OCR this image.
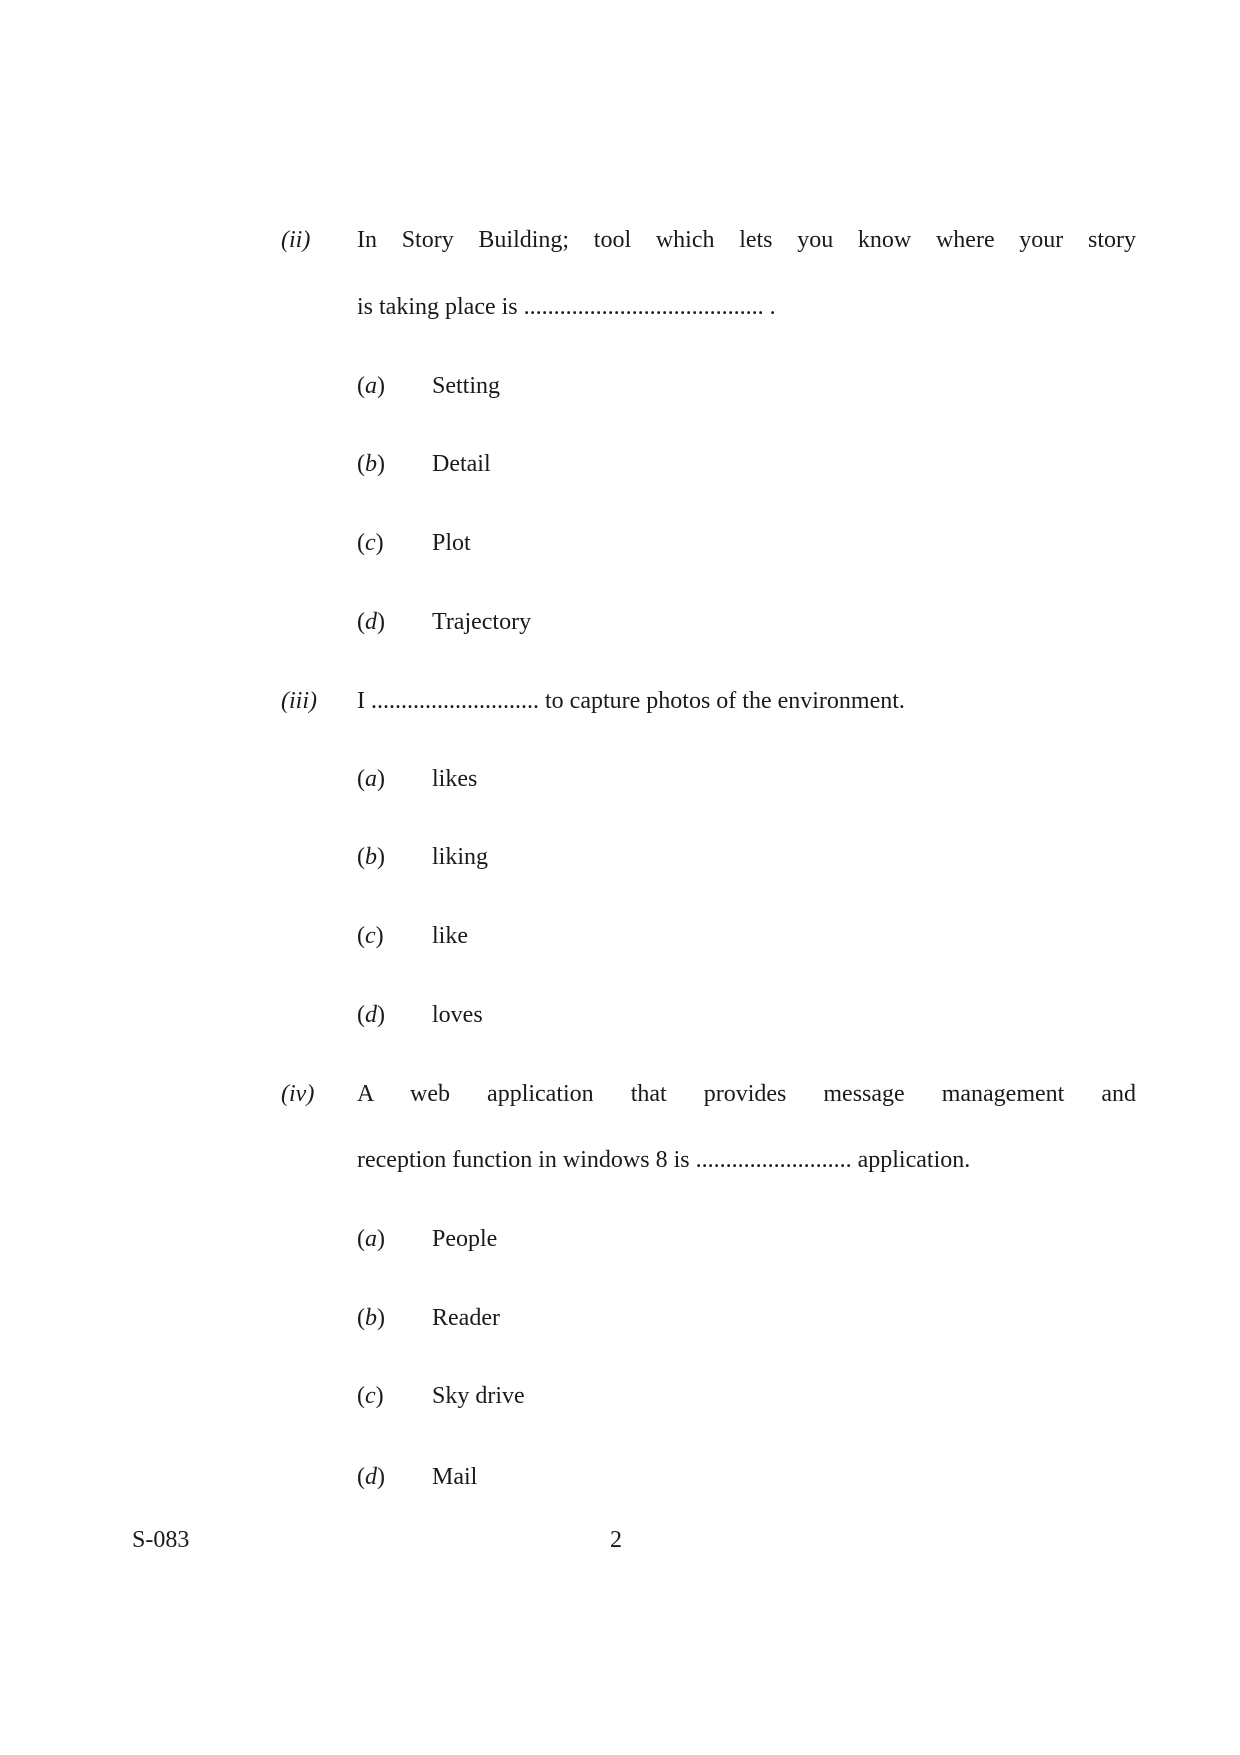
(ii) In Story Building; tool which lets you know where your story
is taking place is ........................................ .
(a) Setting
(b) Detail
(c) Plot
(d) Trajectory
(iii) I ............................ to capture photos of the environment.
(a) likes
(b) liking
(c) like
(d) loves
(iv) A web application that provides message management and
reception function in windows 8 is .......................... application.
(a) People
(b) Reader
(c) Sky drive
(d) Mail
S-083	2
